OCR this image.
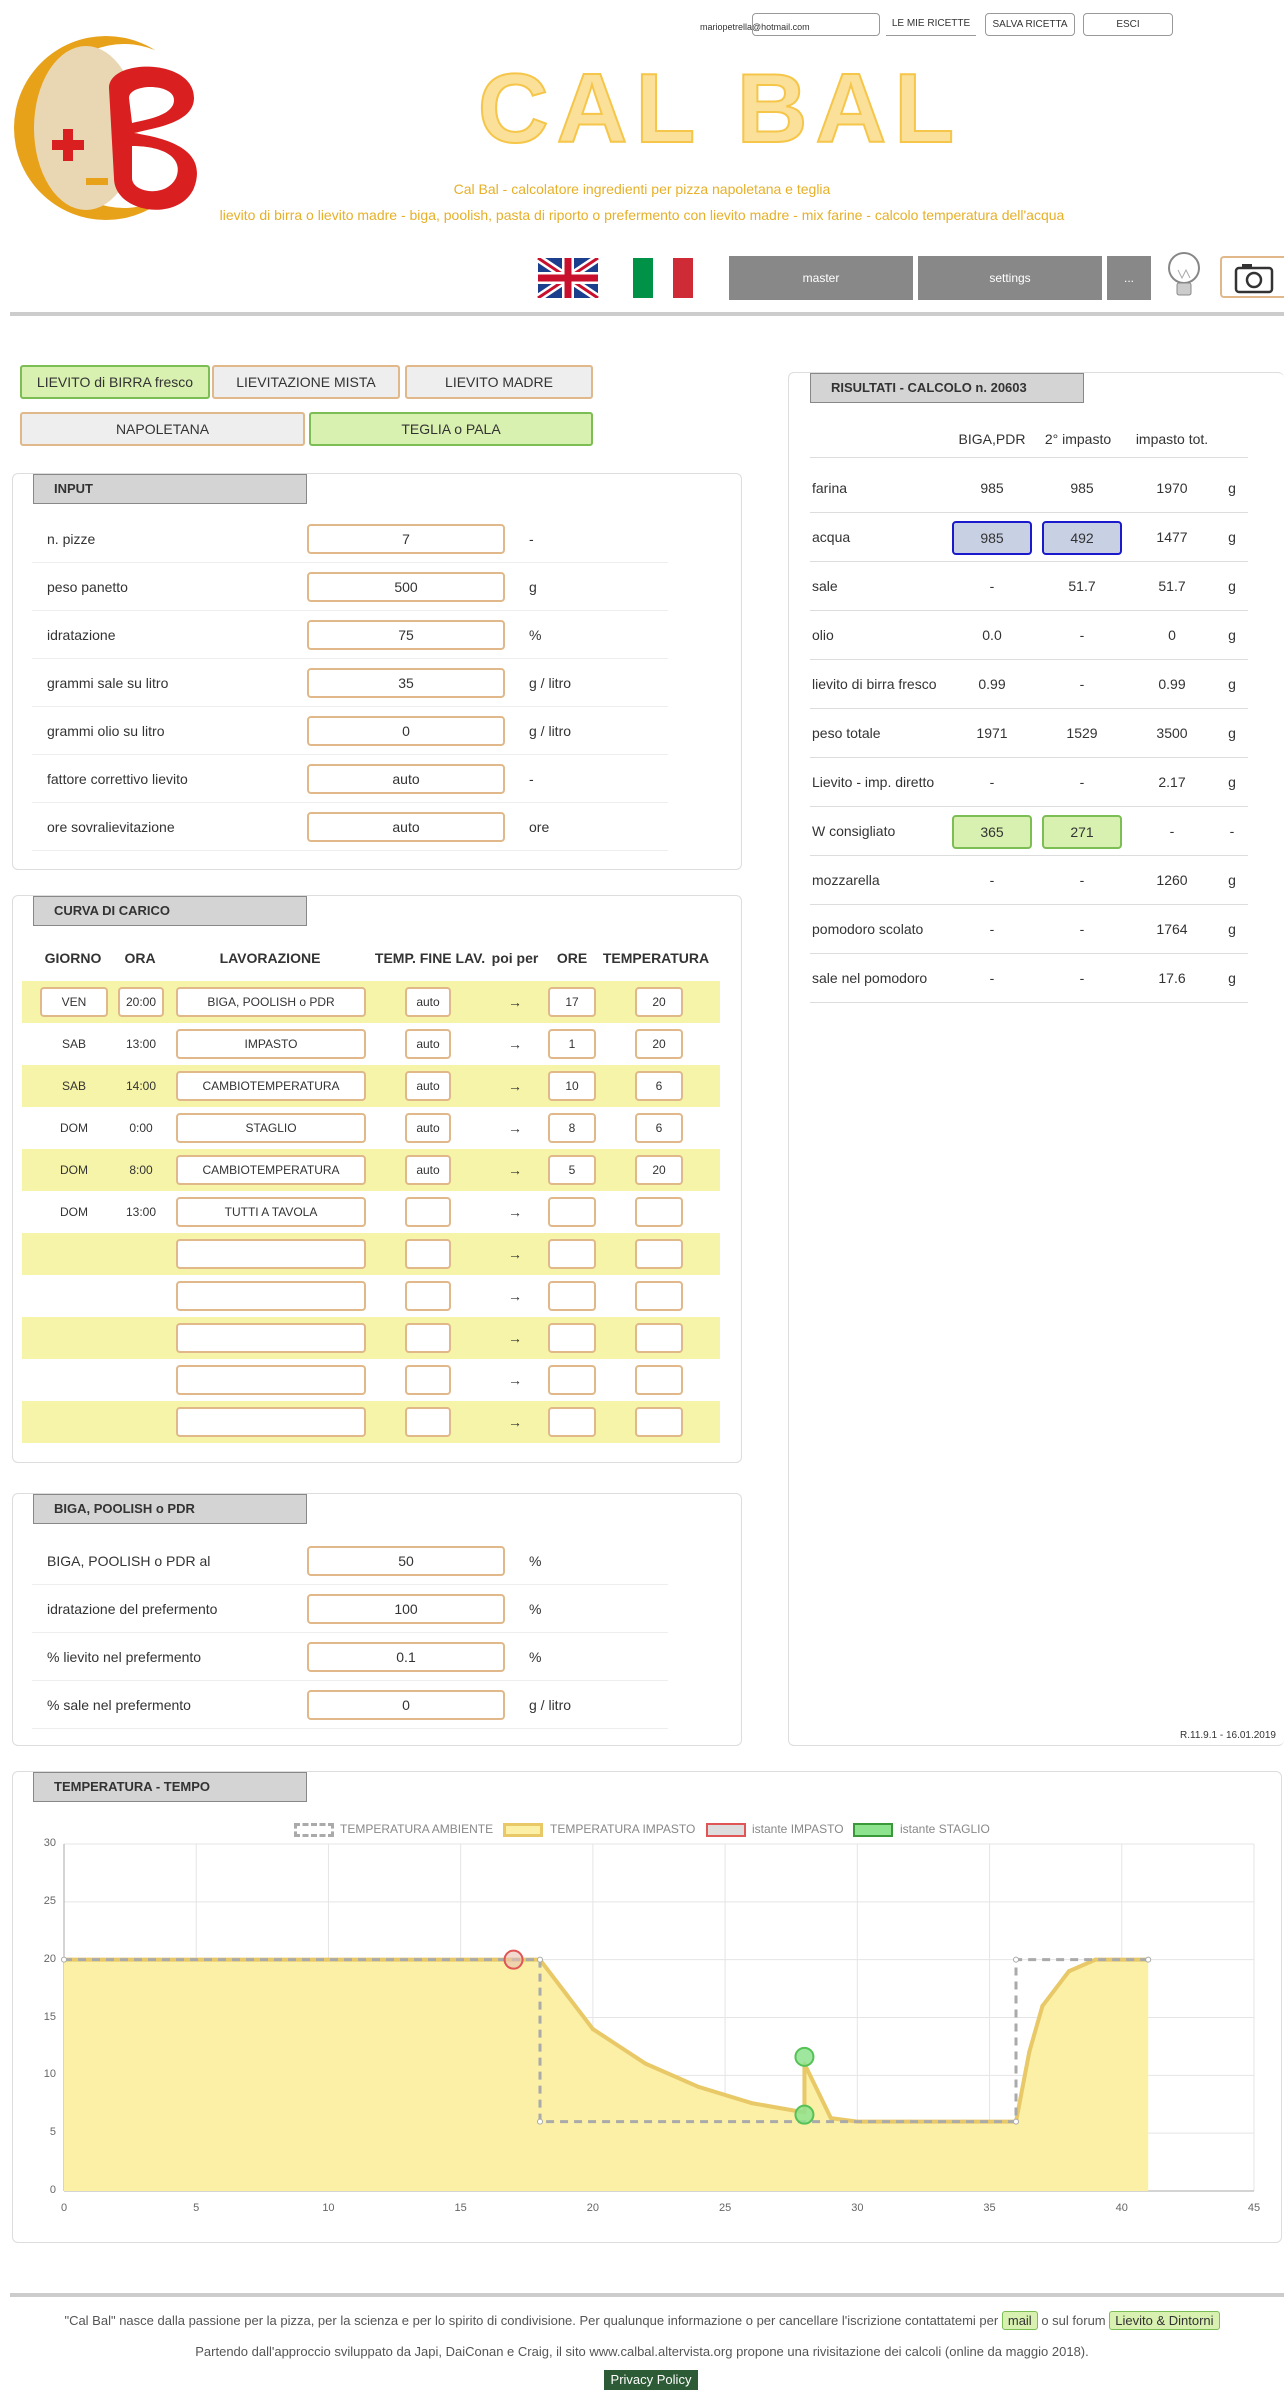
mariopetrella@hotmail.com	LE MIE RICETTE	SALVA RICETTA	ESCI
CAL BAL
Cal Bal - calcolatore ingredienti per pizza napoletana e teglia
lievito di birra o lievito madre - biga, poolish, pasta di riporto o prefermento con lievito madre - mix farine - calcolo temperatura dell'acqua
master	settings	...
LIEVITO di BIRRA fresco	LIEVITAZIONE MISTA	LIEVITO MADRE
NAPOLETANA	TEGLIA o PALA
INPUT
n. pizze	7	-
peso panetto	500	g
idratazione	75	%
grammi sale su litro	35	g / litro
grammi olio su litro	0	g / litro
fattore correttivo lievito	auto	-
ore sovralievitazione	auto	ore
CURVA DI CARICO
GIORNO	ORA	LAVORAZIONE	TEMP. FINE LAV. poi per	ORE	TEMPERATURA
VEN	20:00	BIGA, POOLISH o PDR	auto	→	17	20
SAB	13:00	IMPASTO	auto	→	1	20
SAB	14:00	CAMBIOTEMPERATURA	auto	→	10	6
DOM	0:00	STAGLIO	auto	→	8	6
DOM	8:00	CAMBIOTEMPERATURA	auto	→	5	20
DOM	13:00	TUTTI A TAVOLA	→
→
→
→
→
→
BIGA, POOLISH o PDR
BIGA, POOLISH o PDR al	50	%
idratazione del prefermento	100	%
% lievito nel prefermento	0.1	%
% sale nel prefermento	0	g / litro
RISULTATI - CALCOLO n. 20603
BIGA,PDR	2° impasto	impasto tot.
farina	985	985	1970	g
acqua	985	492	1477	g
sale	-	51.7	51.7	g
olio	0.0	-	0	g
lievito di birra fresco	0.99	-	0.99	g
peso totale	1971	1529	3500	g
Lievito - imp. diretto	-	-	2.17	g
W consigliato	365	271	-	-
mozzarella	-	-	1260	g
pomodoro scolato	-	-	1764	g
sale nel pomodoro	-	-	17.6	g
R.11.9.1 - 16.01.2019
TEMPERATURA - TEMPO
TEMPERATURA AMBIENTE	TEMPERATURA IMPASTO	istante IMPASTO	istante STAGLIO
0
5
10
15
20
25
30
0	5	10	15	20	25	30	35	40	45
"Cal Bal" nasce dalla passione per la pizza, per la scienza e per lo spirito di condivisione. Per qualunque informazione o per cancellare l'iscrizione contattatemi per mail o sul forum Lievito & Dintorni
Partendo dall'approccio sviluppato da Japi, DaiConan e Craig, il sito www.calbal.altervista.org propone una rivisitazione dei calcoli (online da maggio 2018).
Privacy Policy
